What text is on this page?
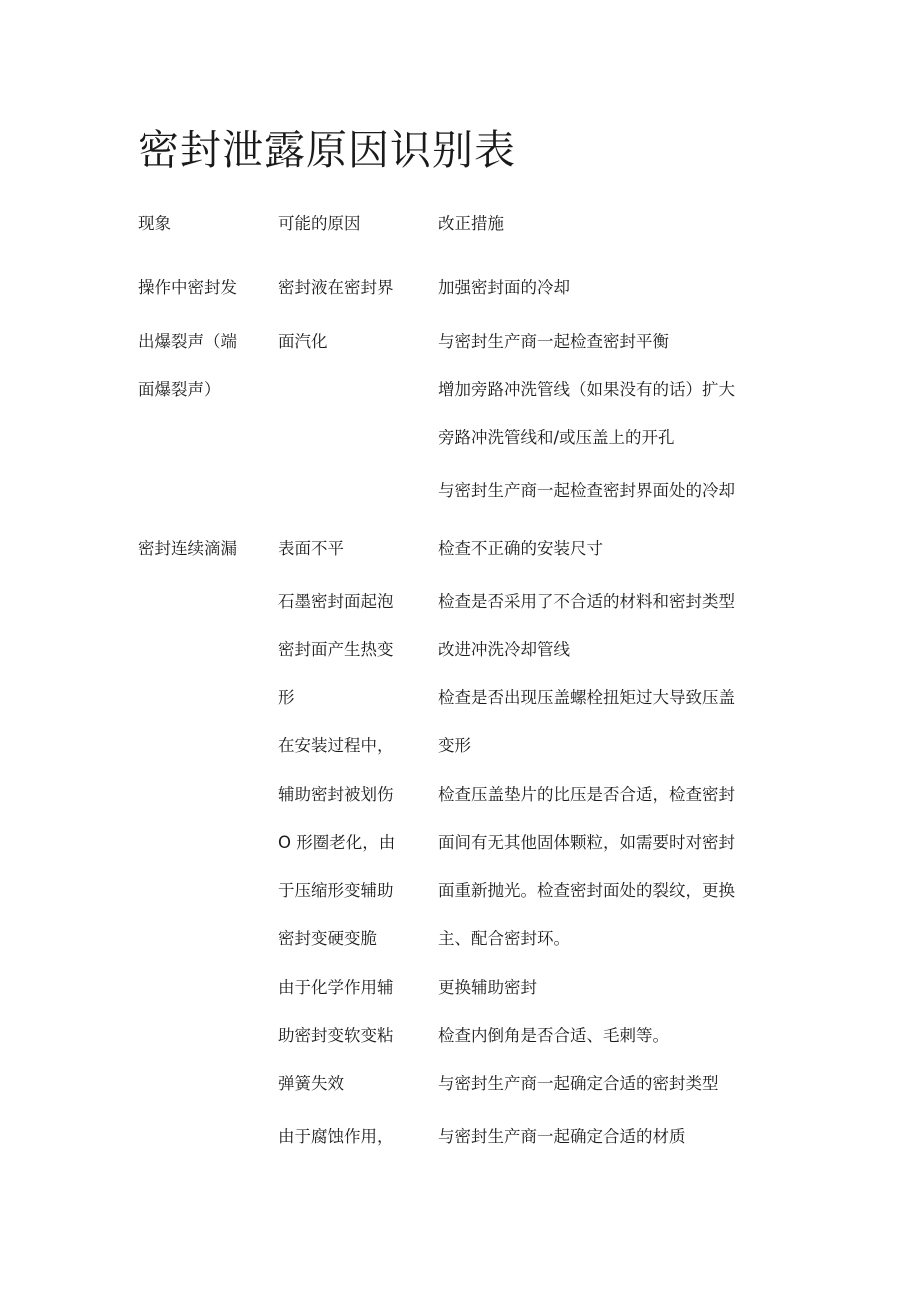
密封泄露原因识别表

现象	可能的原因	改正措施

操作中密封发

出爆裂声（端

面爆裂声）

密封液在密封界

面汽化

加强密封面的冷却

与密封生产商一起检查密封平衡

增加旁路冲洗管线（如果没有的话）扩大

旁路冲洗管线和/或压盖上的开孔

与密封生产商一起检查密封界面处的冷却

密封连续滴漏 表面不平

石墨密封面起泡

密封面产生热变

形

在安装过程中，

辅助密封被划伤

O 形圈老化，由

于压缩形变辅助

密封变硬变脆

由于化学作用辅

助密封变软变粘

弹簧失效

由于腐蚀作用，

检查不正确的安装尺寸

检查是否采用了不合适的材料和密封类型

改进冲洗冷却管线

检查是否出现压盖螺栓扭矩过大导致压盖

变形

检查压盖垫片的比压是否合适，检查密封

面间有无其他固体颗粒，如需要时对密封

面重新抛光。检查密封面处的裂纹，更换

主、配合密封环。

更换辅助密封

检查内倒角是否合适、毛刺等。

与密封生产商一起确定合适的密封类型

与密封生产商一起确定合适的材质
